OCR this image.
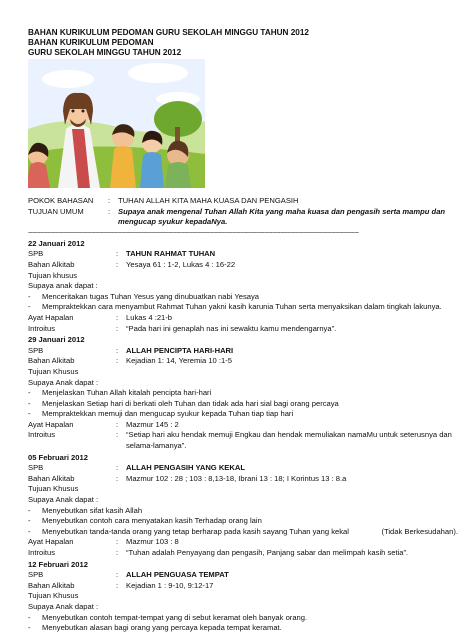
BAHAN KURIKULUM PEDOMAN GURU SEKOLAH MINGGU TAHUN 2012
BAHAN KURIKULUM PEDOMAN
GURU SEKOLAH MINGGU TAHUN 2012
POKOK BAHASAN	:	TUHAN ALLAH KITA MAHA KUASA DAN PENGASIH
TUJUAN UMUM	:	Supaya anak mengenal Tuhan Allah Kita yang maha kuasa dan pengasih serta mampu dan mengucap syukur kepadaNya.
~~~~~~~~~~~~~~~~~~~~~~~~~~~~~~~~~~~~~~~~~~~~~~~~~~~~~~~~~~~~~~~~~~~~~~~~~~~~~~~~~~~~
22 Januari 2012
SPB	:	TAHUN RAHMAT TUHAN
Bahan Alkitab	:	Yesaya 61 : 1-2, Lukas 4 : 16-22
Tujuan khusus
Supaya anak dapat :
-	Menceritakan tugas Tuhan Yesus yang dinubuatkan nabi Yesaya
-	Mempraktekkan cara menyambut Rahmat Tuhan yakni kasih karunia Tuhan serta menyaksikan dalam tingkah lakunya.
Ayat Hapalan	:	Lukas 4 :21-b
Introitus	:	“Pada hari ini genaplah nas ini sewaktu kamu mendengarnya”.
29 Januari 2012
SPB	:	ALLAH PENCIPTA HARI-HARI
Bahan Alkitab	:	Kejadian 1: 14, Yeremia 10 :1-5
Tujuan Khusus
Supaya Anak dapat :
-	Menjelaskan Tuhan Allah kitalah pencipta hari-hari
-	Menjelaskan Setiap hari di berkati oleh Tuhan dan tidak ada hari sial bagi orang percaya
-	Mempraktekkan memuji dan mengucap syukur kepada Tuhan tiap tiap hari
Ayat Hapalan	:	Mazmur 145 : 2
Introitus	:	“Setiap hari aku hendak memuji Engkau dan hendak memuliakan namaMu untuk seterusnya dan selama-lamanya”.
05 Februari 2012
SPB	:	ALLAH PENGASIH YANG KEKAL
Bahan Alkitab	:	Mazmur 102 : 28 ; 103 : 8,13-18, Ibrani 13 : 18; I Korintus 13 : 8.a
Tujuan Khusus
Supaya Anak dapat :
-	Menyebutkan sifat kasih Allah
-	Menyebutkan contoh cara menyatakan kasih Terhadap orang lain
-	Menyebutkan tanda-tanda orang yang tetap berharap pada kasih sayang Tuhan yang kekal	(Tidak Berkesudahan).
Ayat Hapalan	:	Mazmur 103 : 8
Introitus	:	“Tuhan adalah Penyayang dan pengasih, Panjang sabar dan melimpah kasih setia”.
12 Februari 2012
SPB	:	ALLAH PENGUASA TEMPAT
Bahan Alkitab	:	Kejadian 1 : 9-10, 9:12-17
Tujuan Khusus
Supaya Anak dapat :
-	Menyebutkan contoh tempat-tempat yang di sebut keramat oleh banyak orang.
-	Menyebutkan alasan bagi orang yang percaya kepada tempat keramat.
